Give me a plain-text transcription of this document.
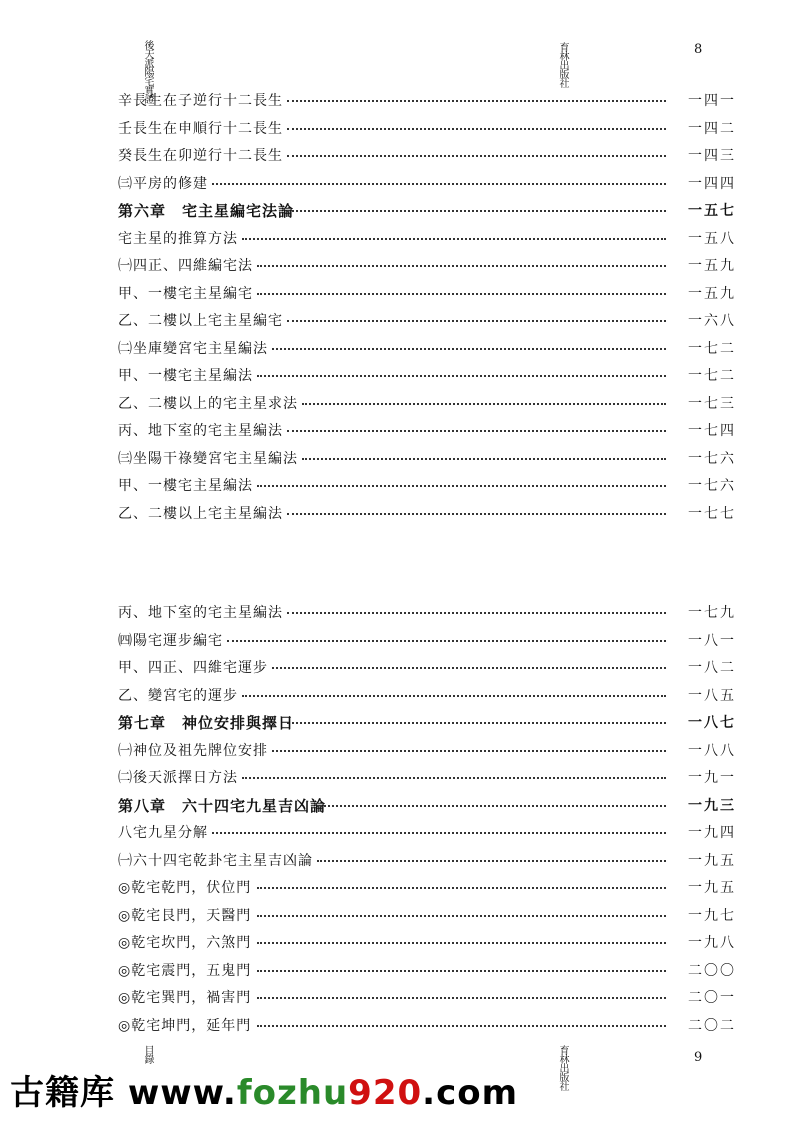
後天派陽宅實證	育林出版社	8
辛長生在子逆行十二長生	一四一
壬長生在申順行十二長生	一四二
癸長生在卯逆行十二長生	一四三
㈢平房的修建	一四四
第六章　宅主星編宅法論	一五七
宅主星的推算方法	一五八
㈠四正、四維編宅法	一五九
甲、一樓宅主星編宅	一五九
乙、二樓以上宅主星編宅	一六八
㈡坐庫變宮宅主星編法	一七二
甲、一樓宅主星編法	一七二
乙、二樓以上的宅主星求法	一七三
丙、地下室的宅主星編法	一七四
㈢坐陽干祿變宮宅主星編法	一七六
甲、一樓宅主星編法	一七六
乙、二樓以上宅主星編法	一七七
丙、地下室的宅主星編法	一七九
㈣陽宅運步編宅	一八一
甲、四正、四維宅運步	一八二
乙、變宮宅的運步	一八五
第七章　神位安排與擇日	一八七
㈠神位及祖先牌位安排	一八八
㈡後天派擇日方法	一九一
第八章　六十四宅九星吉凶論	一九三
八宅九星分解	一九四
㈠六十四宅乾卦宅主星吉凶論	一九五
◎乾宅乾門，伏位門	一九五
◎乾宅艮門，天醫門	一九七
◎乾宅坎門，六煞門	一九八
◎乾宅震門，五鬼門	二〇〇
◎乾宅巽門，禍害門	二〇一
◎乾宅坤門，延年門	二〇二
目錄	育林出版社	9
古籍库 www.fozhu920.com
